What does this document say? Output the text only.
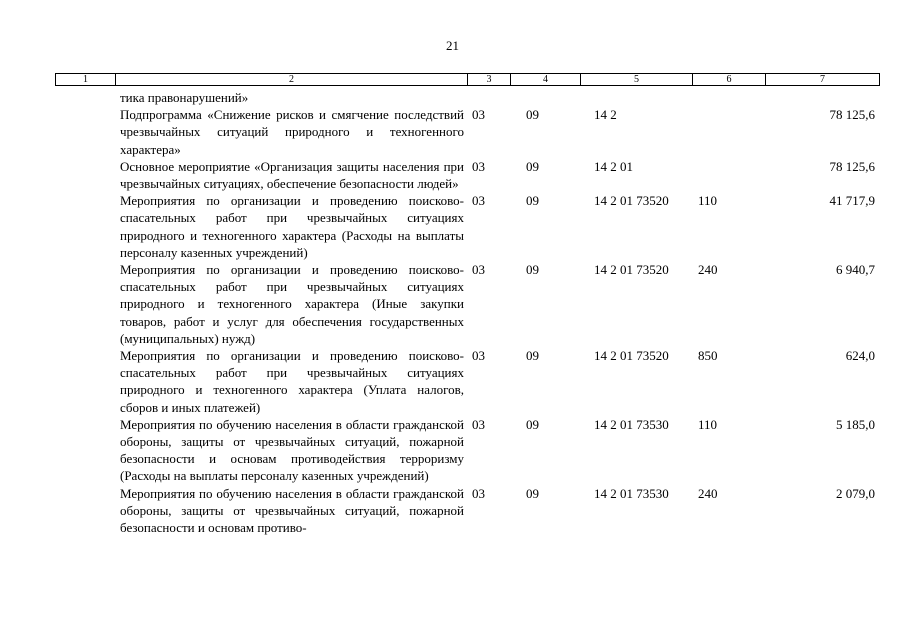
21
1	2	3	4	5	6	7
	тика правонарушений»					
	Подпрограмма «Снижение рисков и смягчение последствий чрезвычайных ситуаций природного и техногенного характера»	03	09	14 2		78 125,6
	Основное мероприятие «Организация защиты населения при чрезвычайных ситуациях, обеспечение безопасности людей»	03	09	14 2 01		78 125,6
	Мероприятия по организации и проведению поисково-спасательных работ при чрезвычайных ситуациях природного и техногенного характера (Расходы на выплаты персоналу казенных учреждений)	03	09	14 2 01 73520	110	41 717,9
	Мероприятия по организации и проведению поисково-спасательных работ при чрезвычайных ситуациях природного и техногенного характера (Иные закупки товаров, работ и услуг для обеспечения государственных (муниципальных) нужд)	03	09	14 2 01 73520	240	6 940,7
	Мероприятия по организации и проведению поисково-спасательных работ при чрезвычайных ситуациях природного и техногенного характера (Уплата налогов, сборов и иных платежей)	03	09	14 2 01 73520	850	624,0
	Мероприятия по обучению населения в области гражданской обороны, защиты от чрезвычайных ситуаций, пожарной безопасности и основам противодействия терроризму (Расходы на выплаты персоналу казенных учреждений)	03	09	14 2 01 73530	110	5 185,0
	Мероприятия по обучению населения в области гражданской обороны, защиты от чрезвычайных ситуаций, пожарной безопасности и основам противо-	03	09	14 2 01 73530	240	2 079,0
